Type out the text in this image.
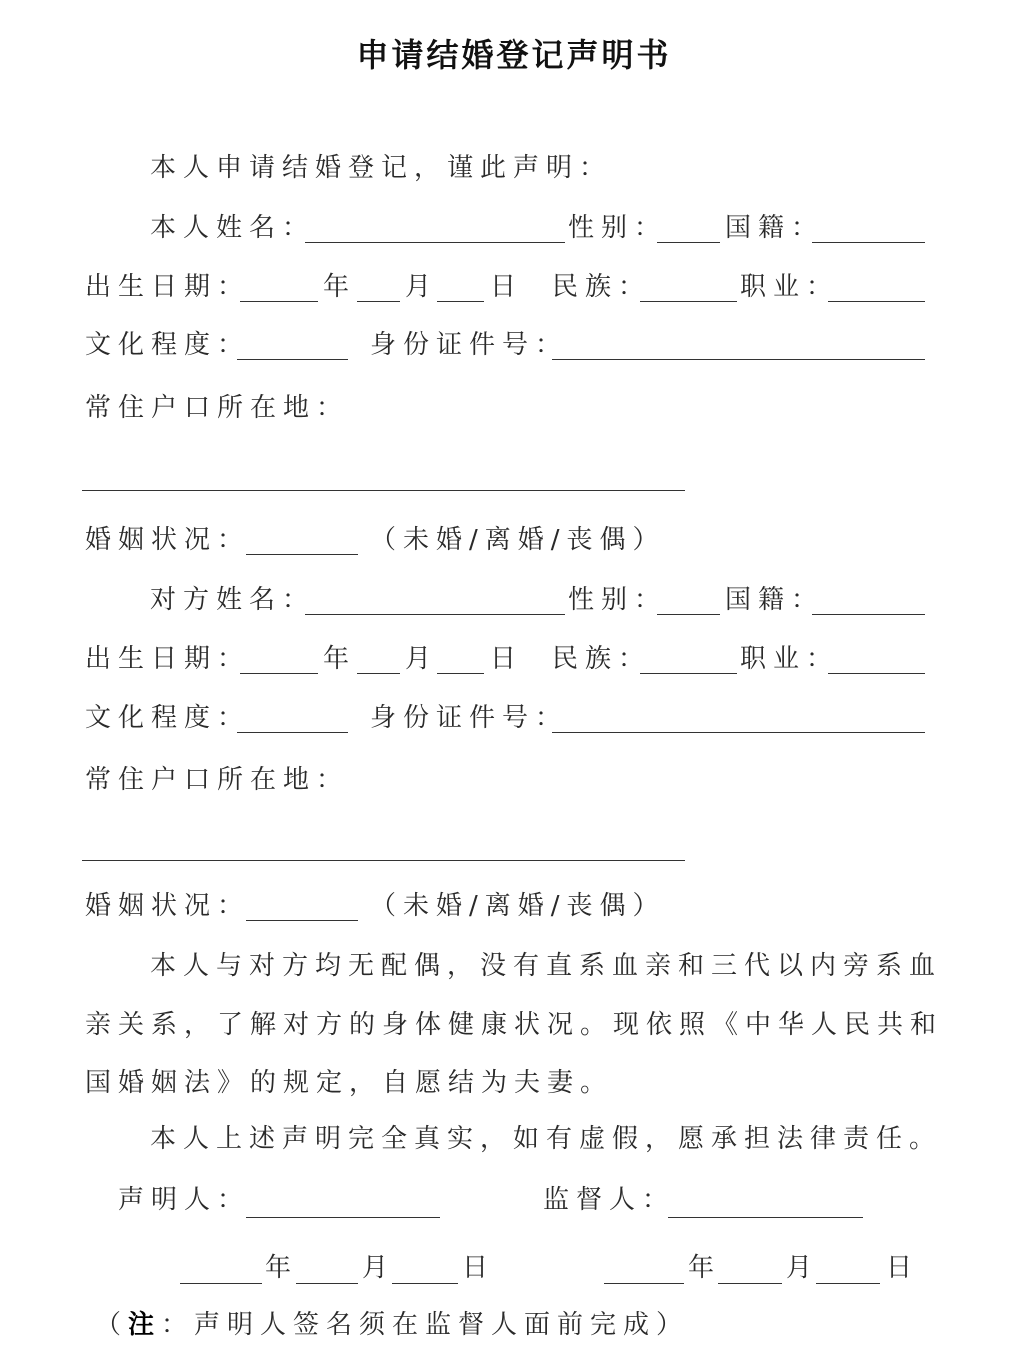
申请结婚登记声明书
本人申请结婚登记，谨此声明：
本人姓名：	性别： 国籍：
出生日期：	年 月 日 民族：	职业：
文化程度：	身份证件号：
常住户口所在地：
婚姻状况：	（未婚/离婚/丧偶）
对方姓名：	性别： 国籍：
出生日期：	年 月 日 民族：	职业：
文化程度：	身份证件号：
常住户口所在地：
婚姻状况：	（未婚/离婚/丧偶）
本人与对方均无配偶，没有直系血亲和三代以内旁系血
亲关系，了解对方的身体健康状况。现依照《中华人民共和
国婚姻法》的规定，自愿结为夫妻。
本人上述声明完全真实，如有虚假，愿承担法律责任。
声明人：	监督人：
年 月	日	年 月	日
（注：声明人签名须在监督人面前完成）
